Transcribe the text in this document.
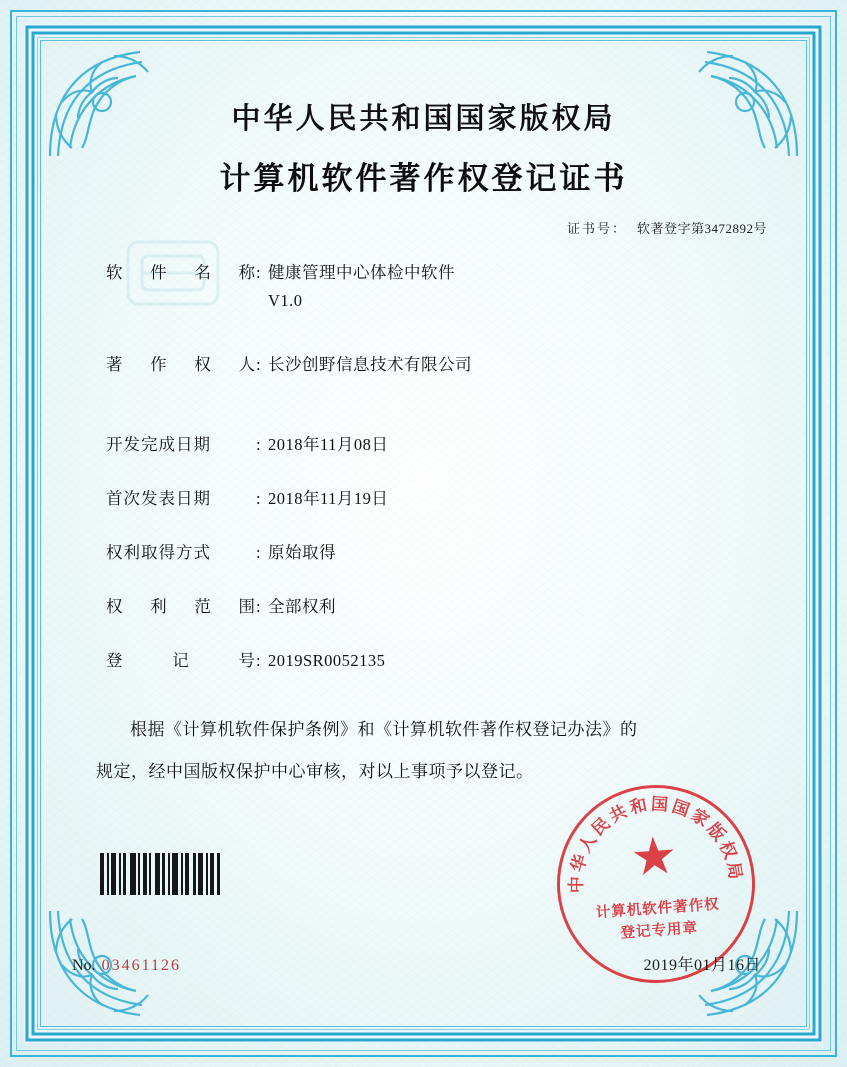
中华人民共和国国家版权局
计算机软件著作权登记证书
证书号： 软著登字第3472892号
软 件 名 称 : 健康管理中心体检中软件
V1.0
著 作 权 人 : 长沙创野信息技术有限公司
开发完成日期	: 2018年11月08日
首次发表日期	: 2018年11月19日
权利取得方式	: 原始取得
权 利 范 围 : 全部权利
登	记	号 : 2019SR0052135
根据《计算机软件保护条例》和《计算机软件著作权登记办法》的
规定，经中国版权保护中心审核，对以上事项予以登记。
中华人民共和国国家版权局
★
计算机软件著作权
登记专用章
No. 03461126	2019年01月16日
